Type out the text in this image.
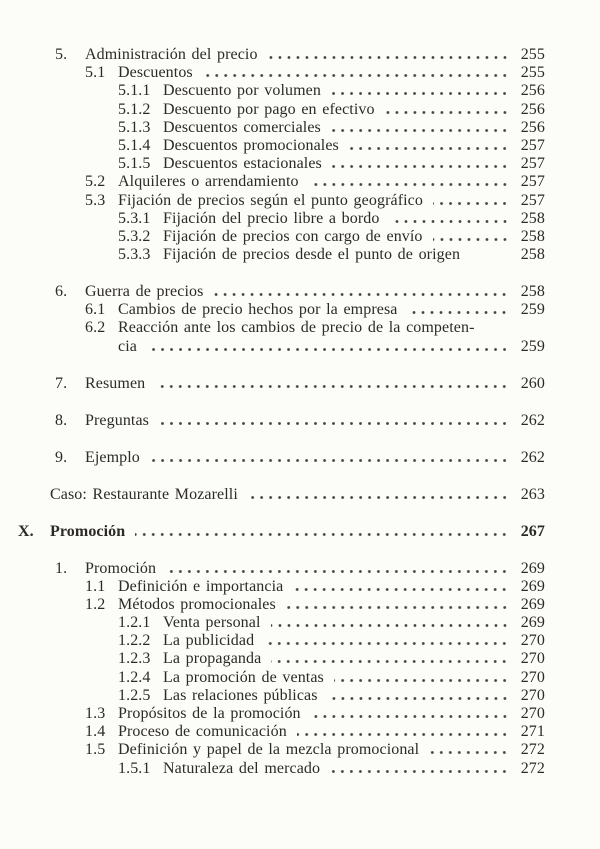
5.	Administración del precio	255
5.1 Descuentos	255
5.1.1 Descuento por volumen	256
5.1.2 Descuento por pago en efectivo	256
5.1.3 Descuentos comerciales	256
5.1.4 Descuentos promocionales	257
5.1.5 Descuentos estacionales	257
5.2 Alquileres o arrendamiento	257
5.3 Fijación de precios según el punto geográfico	257
5.3.1 Fijación del precio libre a bordo	258
5.3.2 Fijación de precios con cargo de envío	258
5.3.3 Fijación de precios desde el punto de origen	258
6.	Guerra de precios	258
6.1 Cambios de precio hechos por la empresa	259
6.2 Reacción ante los cambios de precio de la competen-
cia	259
7.	Resumen	260
8.	Preguntas	262
9.	Ejemplo	262
Caso: Restaurante Mozarelli	263
X.	Promoción	267
1.	Promoción	269
1.1 Definición e importancia	269
1.2 Métodos promocionales	269
1.2.1 Venta personal	269
1.2.2 La publicidad	270
1.2.3 La propaganda	270
1.2.4 La promoción de ventas	270
1.2.5 Las relaciones públicas	270
1.3 Propósitos de la promoción	270
1.4 Proceso de comunicación	271
1.5 Definición y papel de la mezcla promocional	272
1.5.1 Naturaleza del mercado	272
